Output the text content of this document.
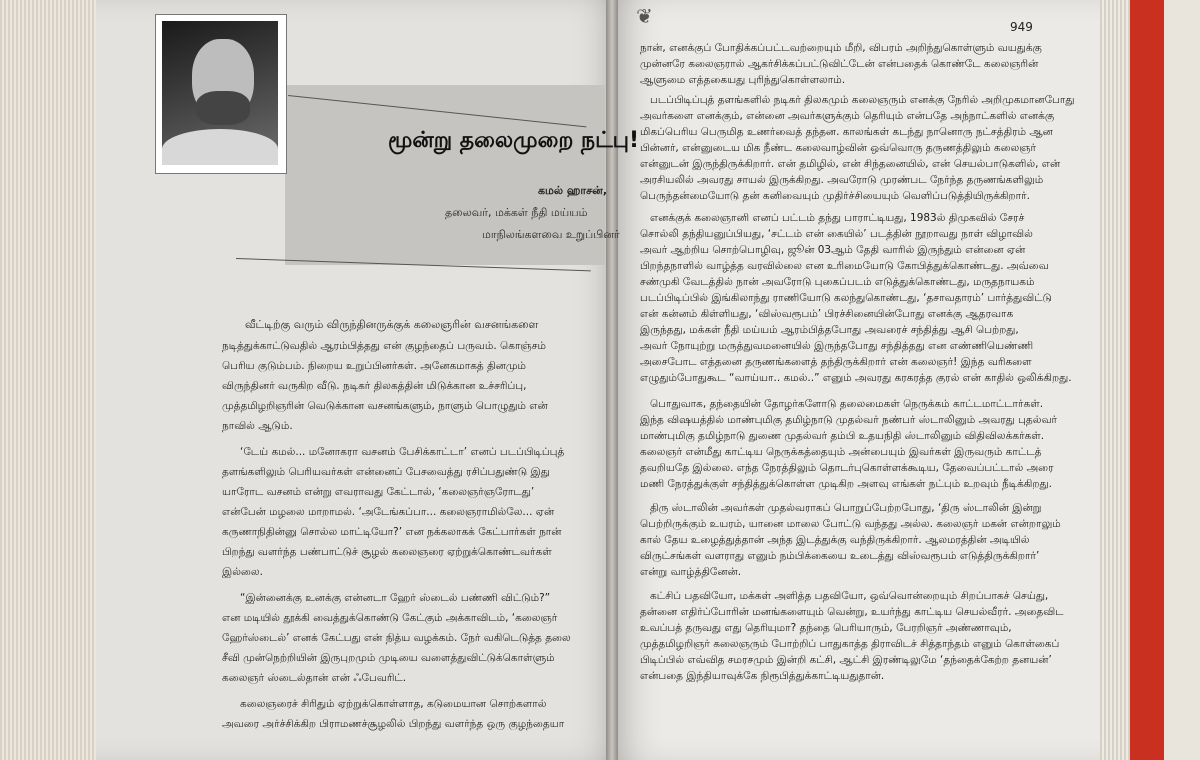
மூன்று தலைமுறை நட்பு!
கமல் ஹாசன்,
தலைவர், மக்கள் நீதி மய்யம்
மாநிலங்களவை உறுப்பினர்
வீட்டிற்கு வரும் விருந்தினருக்குக் கலைஞரின் வசனங்களை
நடித்துக்காட்டுவதில் ஆரம்பித்தது என் குழந்தைப் பருவம். கொஞ்சம்
பெரிய குடும்பம். நிறைய உறுப்பினர்கள். அனேகமாகத் தினமும்
விருந்தினர் வருகிற வீடு. நடிகர் திலகத்தின் மிடுக்கான உச்சரிப்பு,
முத்தமிழறிஞரின் வெடுக்கான வசனங்களும், நாளும் பொழுதும் என்
நாவில் ஆடும்.
‘டேய் கமல்... மனோகரா வசனம் பேசிக்காட்டா’ எனப் படப்பிடிப்புத்
தளங்களிலும் பெரியவர்கள் என்னைப் பேசவைத்து ரசிப்பதுண்டு இது
யாரோட வசனம் என்று எவராவது கேட்டால், ‘கலைஞர்ஞரோடது’
என்பேன் மழலை மாறாமல். ‘அடேங்கப்பா... கலைஞராமில்லே... ஏன்
கருணாநிதின்னு சொல்ல மாட்டியோ?’ என நக்கலாகக் கேட்பார்கள் நான்
பிறந்து வளர்ந்த பண்பாட்டுச் சூழல் கலைஞரை ஏற்றுக்கொண்டவர்கள்
இல்லை.
“இன்னைக்கு உனக்கு என்னடா ஹேர் ஸ்டைல் பண்ணி விட்டும்?”
என மடியில் தூக்கி வைத்துக்கொண்டு கேட்கும் அக்காவிடம், ‘கலைஞர்
ஹேர்ஸ்டைல்’ எனக் கேட்பது என் நித்ய வழக்கம். நேர் வகிடெடுத்த தலை
சீவி முன்நெற்றியின் இருபுறமும் முடியை வளைத்துவிட்டுக்கொள்ளும்
கலைஞர் ஸ்டைல்தான் என் ஃபேவரிட்.
கலைஞரைச் சிரிதும் ஏற்றுக்கொள்ளாத, கடுமையான சொற்களால்
அவரை அர்ச்சிக்கிற பிராமணச்சூழலில் பிறந்து வளர்ந்த ஒரு குழந்தையா
❦	949
நான், எனக்குப் போதிக்கப்பட்டவற்றையும் மீறி, விபரம் அறிந்துகொள்ளும் வயதுக்கு
முன்னரே கலைஞரால் ஆகர்சிக்கப்பட்டுவிட்டேன் என்பதைக் கொண்டே கலைஞரின்
ஆளுமை எத்தகையது புரிந்துகொள்ளலாம்.
படப்பிடிப்புத் தளங்களில் நடிகர் திலகமும் கலைஞரும் எனக்கு நேரில் அறிமுகமானபோது
அவர்களை எனக்கும், என்னை அவர்களுக்கும் தெரியும் என்பதே அந்நாட்களில் எனக்கு
மிகப்பெரிய பெருமித உணர்வைத் தந்தன. காலங்கள் கடந்து நானொரு நட்சத்திரம் ஆன
பின்னர், என்னுடைய மிக நீண்ட கலைவாழ்வின் ஒவ்வொரு தருணத்திலும் கலைஞர்
என்னுடன் இருந்திருக்கிறார். என் தமிழில், என் சிந்தனையில், என் செயல்பாடுகளில், என்
அரசியலில் அவரது சாயல் இருக்கிறது. அவரோடு முரண்பட நேர்ந்த தருணங்களிலும்
பெருந்தன்மையோடு தன் கனிவையும் முதிர்ச்சியையும் வெளிப்படுத்தியிருக்கிறார்.
எனக்குக் கலைஞானி எனப் பட்டம் தந்து பாராட்டியது, 1983ல் திமுகவில் சேரச்
சொல்லி தந்தியனுப்பியது, ‘சட்டம் என் கையில்’ படத்தின் நூறாவது நாள் விழாவில்
அவர் ஆற்றிய சொற்பொழிவு, ஜூன் 03ஆம் தேதி வாரில் இருந்தும் என்னை ஏன்
பிறந்தநாளில் வாழ்த்த வரவில்லை என உரிமையோடு கோபித்துக்கொண்டது. அவ்வை
சண்முகி வேடத்தில் நான் அவரோடு புகைப்படம் எடுத்துக்கொண்டது, மருதநாயகம்
படப்பிடிப்பில் இங்கிலாந்து ராணியோடு கலந்துகொண்டது, ‘தசாவதாரம்’ பார்த்துவிட்டு
என் கன்னம் கிள்ளியது, ‘விஸ்வரூபம்’ பிரச்சினையின்போது எனக்கு ஆதரவாக
இருந்தது, மக்கள் நீதி மய்யம் ஆரம்பித்தபோது அவரைச் சந்தித்து ஆசி பெற்றது,
அவர் நோயுற்று மருத்துவமனையில் இருந்தபோது சந்தித்தது என எண்ணியெண்ணி
அசைபோட எத்தனை தருணங்களைத் தந்திருக்கிறார் என் கலைஞர்! இந்த வரிகளை
எழுதும்போதுகூட “வாய்யா.. கமல்..” எனும் அவரது கரகரத்த குரல் என் காதில் ஒலிக்கிறது.
பொதுவாக, தந்தையின் தோழர்களோடு தலைமைகள் நெருக்கம் காட்டமாட்டார்கள்.
இந்த விஷயத்தில் மாண்புமிகு தமிழ்நாடு முதல்வர் நண்பர் ஸ்டாலினும் அவரது புதல்வர்
மாண்புமிகு தமிழ்நாடு துணை முதல்வர் தம்பி உதயநிதி ஸ்டாலினும் விதிவிலக்கர்கள்.
கலைஞர் என்மீது காட்டிய நெருக்கத்தையும் அன்பையும் இவர்கள் இருவரும் காட்டத்
தவறியதே இல்லை. எந்த நேரத்திலும் தொடர்புகொள்ளக்கூடிய, தேவைப்பட்டால் அரை
மணி நேரத்துக்குள் சந்தித்துக்கொள்ள முடிகிற அளவு எங்கள் நட்பும் உறவும் நீடிக்கிறது.
திரு ஸ்டாலின் அவர்கள் முதல்வராகப் பொறுப்பேற்றபோது, ‘திரு ஸ்டாலின் இன்று
பெற்றிருக்கும் உயரம், யானை மாலை போட்டு வந்தது அல்ல. கலைஞர் மகன் என்றாலும்
கால் தேய உழைத்துத்தான் அந்த இடத்துக்கு வந்திருக்கிறார். ஆலமரத்தின் அடியில்
விருட்சங்கள் வளராது எனும் நம்பிக்கையை உடைத்து விஸ்வரூபம் எடுத்திருக்கிறார்’
என்று வாழ்த்தினேன்.
கட்சிப் பதவியோ, மக்கள் அளித்த பதவியோ, ஒவ்வொன்றையும் சிறப்பாகச் செய்து,
தன்னை எதிர்ப்போரின் மனங்களையும் வென்று, உயர்ந்து காட்டிய செயல்வீரர். அதைவிட
உவப்பத் தருவது எது தெரியுமா? தந்தை பெரியாரும், பேரறிஞர் அண்ணாவும்,
முத்தமிழறிஞர் கலைஞரும் போற்றிப் பாதுகாத்த திராவிடச் சித்தாந்தம் எனும் கொள்கைப்
பிடிப்பில் எவ்வித சமரசமும் இன்றி கட்சி, ஆட்சி இரண்டிலுமே ‘தந்தைக்கேற்ற தனயன்’
என்பதை இந்தியாவுக்கே நிரூபித்துக்காட்டியதுதான்.
